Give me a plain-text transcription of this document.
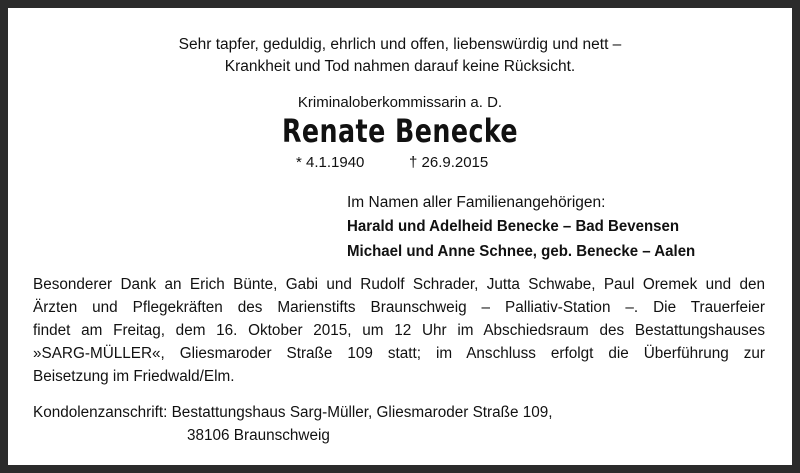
Sehr tapfer, geduldig, ehrlich und offen, liebenswürdig und nett –
Krankheit und Tod nahmen darauf keine Rücksicht.
Kriminaloberkommissarin a. D.
Renate Benecke
* 4.1.1940	† 26.9.2015
Im Namen aller Familienangehörigen:
Harald und Adelheid Benecke – Bad Bevensen
Michael und Anne Schnee, geb. Benecke – Aalen
Besonderer Dank an Erich Bünte, Gabi und Rudolf Schrader, Jutta Schwabe, Paul Oremek und den
Ärzten und Pflegekräften des Marienstifts Braunschweig – Palliativ-Station –. Die Trauerfeier
findet am Freitag, dem 16. Oktober 2015, um 12 Uhr im Abschiedsraum des Bestattungshauses
»SARG-MÜLLER«, Gliesmaroder Straße 109 statt; im Anschluss erfolgt die Überführung zur
Beisetzung im Friedwald/Elm.
Kondolenzanschrift: Bestattungshaus Sarg-Müller, Gliesmaroder Straße 109,
38106 Braunschweig
